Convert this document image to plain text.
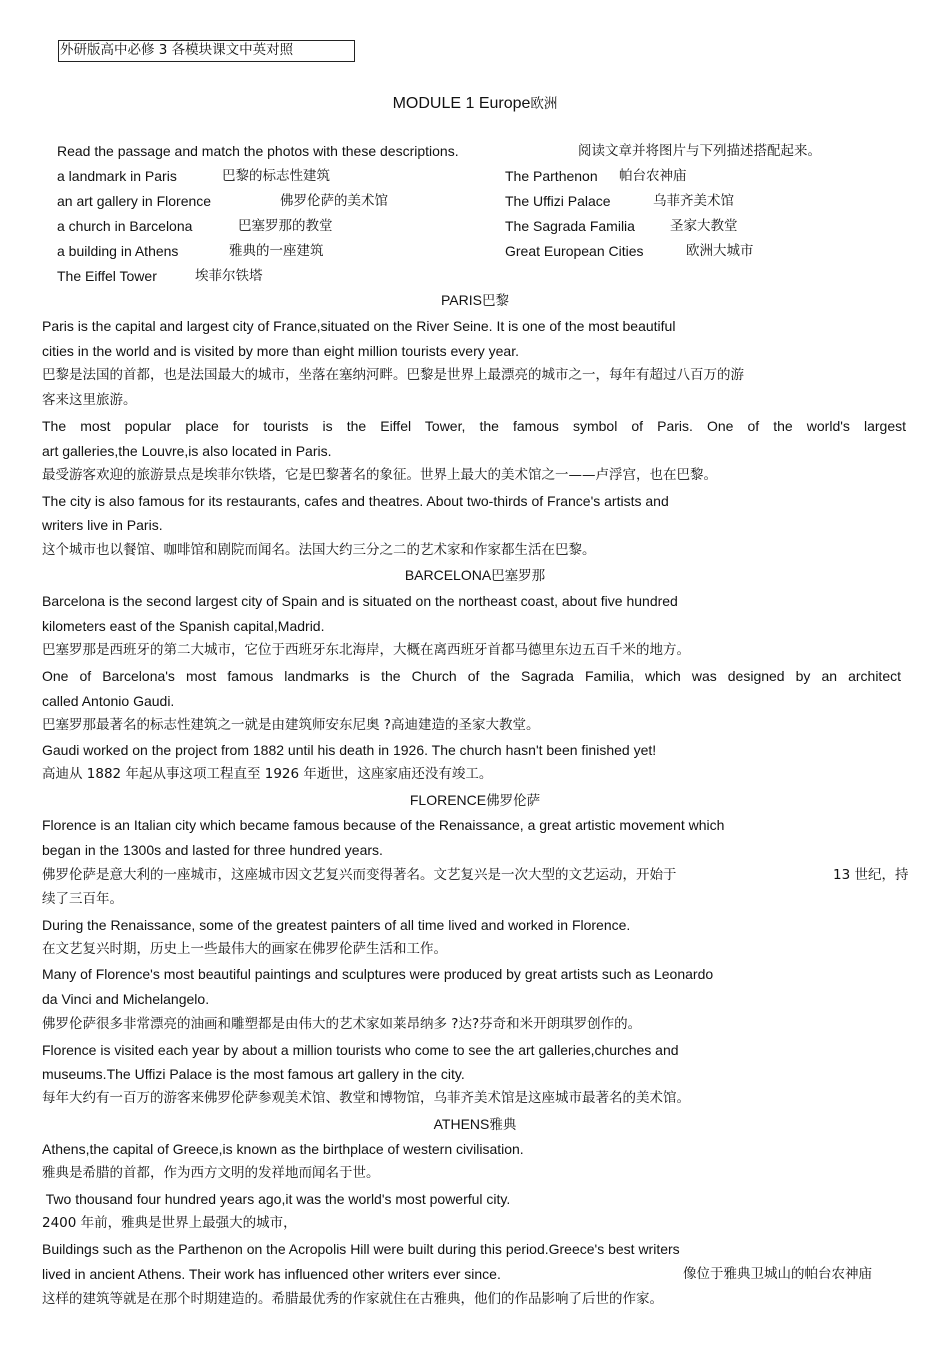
外研版高中必修 3 各模块课文中英对照
MODULE 1 Europe欧洲
Read the passage and match the photos with these descriptions.	阅读文章并将图片与下列描述搭配起来。
a landmark in Paris	巴黎的标志性建筑	The Parthenon 帕台农神庙
an art gallery in Florence	佛罗伦萨的美术馆	The Uffizi Palace	乌菲齐美术馆
a church in Barcelona	巴塞罗那的教堂	The Sagrada Familia	圣家大教堂
a building in Athens	雅典的一座建筑	Great European Cities	欧洲大城市
The Eiffel Tower	埃菲尔铁塔
PARIS巴黎
Paris is the capital and largest city of France,situated on the River Seine. It is one of the most beautiful
cities in the world and is visited by more than eight million tourists every year.
巴黎是法国的首都，也是法国最大的城市，坐落在塞纳河畔。巴黎是世界上最漂亮的城市之一，每年有超过八百万的游
客来这里旅游。
The most popular place for tourists is the Eiffel Tower, the famous symbol of Paris. One of the world's largest
art galleries,the Louvre,is also located in Paris.
最受游客欢迎的旅游景点是埃菲尔铁塔，它是巴黎著名的象征。世界上最大的美术馆之一——卢浮宫，也在巴黎。
The city is also famous for its restaurants, cafes and theatres. About two-thirds of France's artists and
writers live in Paris.
这个城市也以餐馆、咖啡馆和剧院而闻名。法国大约三分之二的艺术家和作家都生活在巴黎。
BARCELONA巴塞罗那
Barcelona is the second largest city of Spain and is situated on the northeast coast, about five hundred
kilometers east of the Spanish capital,Madrid.
巴塞罗那是西班牙的第二大城市，它位于西班牙东北海岸，大概在离西班牙首都马德里东边五百千米的地方。
One of Barcelona's most famous landmarks is the Church of the Sagrada Familia, which was designed by an architect
called Antonio Gaudi.
巴塞罗那最著名的标志性建筑之一就是由建筑师安东尼奥 ?高迪建造的圣家大教堂。
Gaudi worked on the project from 1882 until his death in 1926. The church hasn't been finished yet!
高迪从 1882 年起从事这项工程直至 1926 年逝世，这座家庙还没有竣工。
FLORENCE佛罗伦萨
Florence is an Italian city which became famous because of the Renaissance, a great artistic movement which
began in the 1300s and lasted for three hundred years.
佛罗伦萨是意大利的一座城市，这座城市因文艺复兴而变得著名。文艺复兴是一次大型的文艺运动，开始于	13 世纪，持
续了三百年。
During the Renaissance, some of the greatest painters of all time lived and worked in Florence.
在文艺复兴时期，历史上一些最伟大的画家在佛罗伦萨生活和工作。
Many of Florence's most beautiful paintings and sculptures were produced by great artists such as Leonardo
da Vinci and Michelangelo.
佛罗伦萨很多非常漂亮的油画和雕塑都是由伟大的艺术家如莱昂纳多 ?达?芬奇和米开朗琪罗创作的。
Florence is visited each year by about a million tourists who come to see the art galleries,churches and
museums.The Uffizi Palace is the most famous art gallery in the city.
每年大约有一百万的游客来佛罗伦萨参观美术馆、教堂和博物馆，乌菲齐美术馆是这座城市最著名的美术馆。
ATHENS雅典
Athens,the capital of Greece,is known as the birthplace of western civilisation.
雅典是希腊的首都，作为西方文明的发祥地而闻名于世。
Two thousand four hundred years ago,it was the world's most powerful city.
2400 年前，雅典是世界上最强大的城市，
Buildings such as the Parthenon on the Acropolis Hill were built during this period.Greece's best writers
lived in ancient Athens. Their work has influenced other writers ever since.	像位于雅典卫城山的帕台农神庙
这样的建筑等就是在那个时期建造的。希腊最优秀的作家就住在古雅典，他们的作品影响了后世的作家。
